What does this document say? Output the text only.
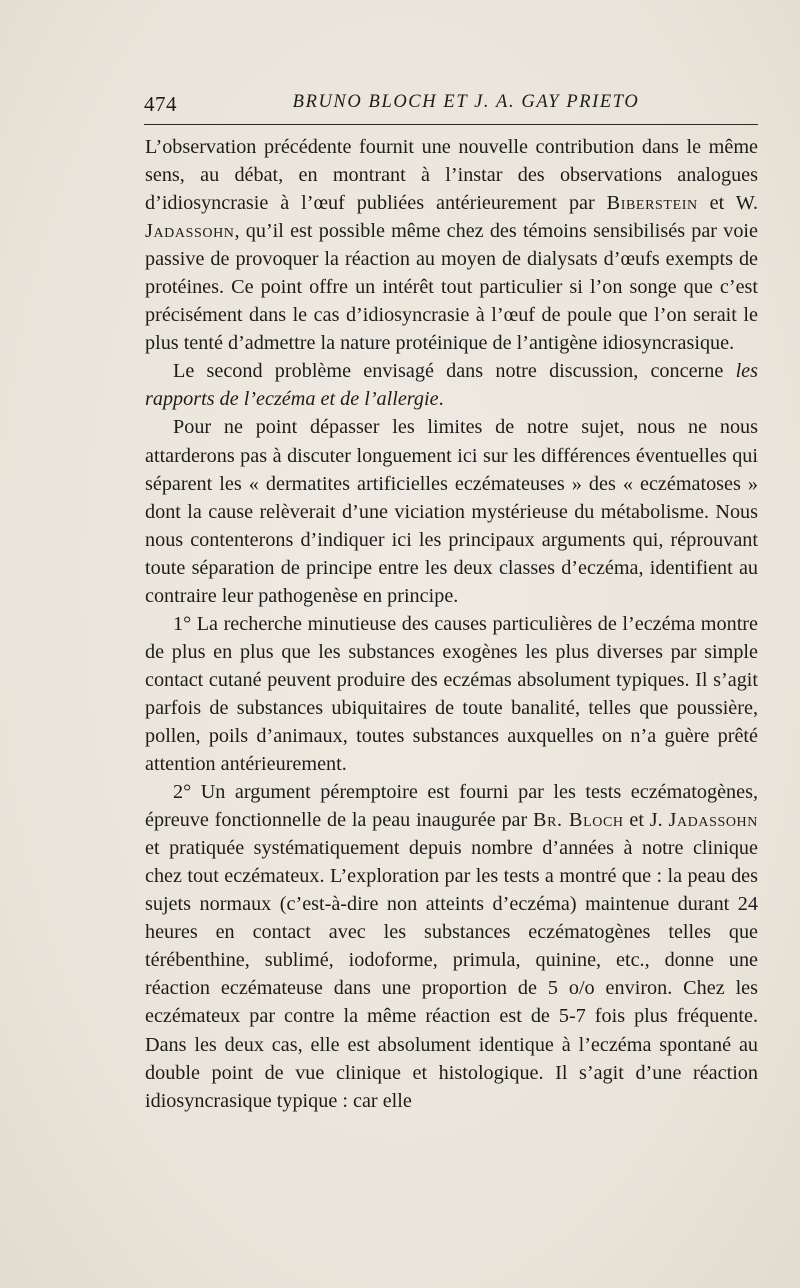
474	BRUNO BLOCH ET J. A. GAY PRIETO

L’observation précédente fournit une nouvelle contribution dans le même sens, au débat, en montrant à l’instar des observations analogues d’idiosyncrasie à l’œuf publiées antérieurement par Biberstein et W. Jadassohn, qu’il est possible même chez des témoins sensibilisés par voie passive de provoquer la réaction au moyen de dialysats d’œufs exempts de protéines. Ce point offre un intérêt tout particulier si l’on songe que c’est précisément dans le cas d’idiosyncrasie à l’œuf de poule que l’on serait le plus tenté d’admettre la nature protéinique de l’antigène idiosyncrasique.

Le second problème envisagé dans notre discussion, concerne les rapports de l’eczéma et de l’allergie.

Pour ne point dépasser les limites de notre sujet, nous ne nous attarderons pas à discuter longuement ici sur les différences éventuelles qui séparent les « dermatites artificielles eczémateuses » des « eczématoses » dont la cause relèverait d’une viciation mystérieuse du métabolisme. Nous nous contenterons d’indiquer ici les principaux arguments qui, réprouvant toute séparation de principe entre les deux classes d’eczéma, identifient au contraire leur pathogenèse en principe.

1° La recherche minutieuse des causes particulières de l’eczéma montre de plus en plus que les substances exogènes les plus diverses par simple contact cutané peuvent produire des eczémas absolument typiques. Il s’agit parfois de substances ubiquitaires de toute banalité, telles que poussière, pollen, poils d’animaux, toutes substances auxquelles on n’a guère prêté attention antérieurement.

2° Un argument péremptoire est fourni par les tests eczématogènes, épreuve fonctionnelle de la peau inaugurée par Br. Bloch et J. Jadassohn et pratiquée systématiquement depuis nombre d’années à notre clinique chez tout eczémateux. L’exploration par les tests a montré que : la peau des sujets normaux (c’est-à-dire non atteints d’eczéma) maintenue durant 24 heures en contact avec les substances eczématogènes telles que térébenthine, sublimé, iodoforme, primula, quinine, etc., donne une réaction eczémateuse dans une proportion de 5 o/o environ. Chez les eczémateux par contre la même réaction est de 5-7 fois plus fréquente. Dans les deux cas, elle est absolument identique à l’eczéma spontané au double point de vue clinique et histologique. Il s’agit d’une réaction idiosyncrasique typique : car elle
